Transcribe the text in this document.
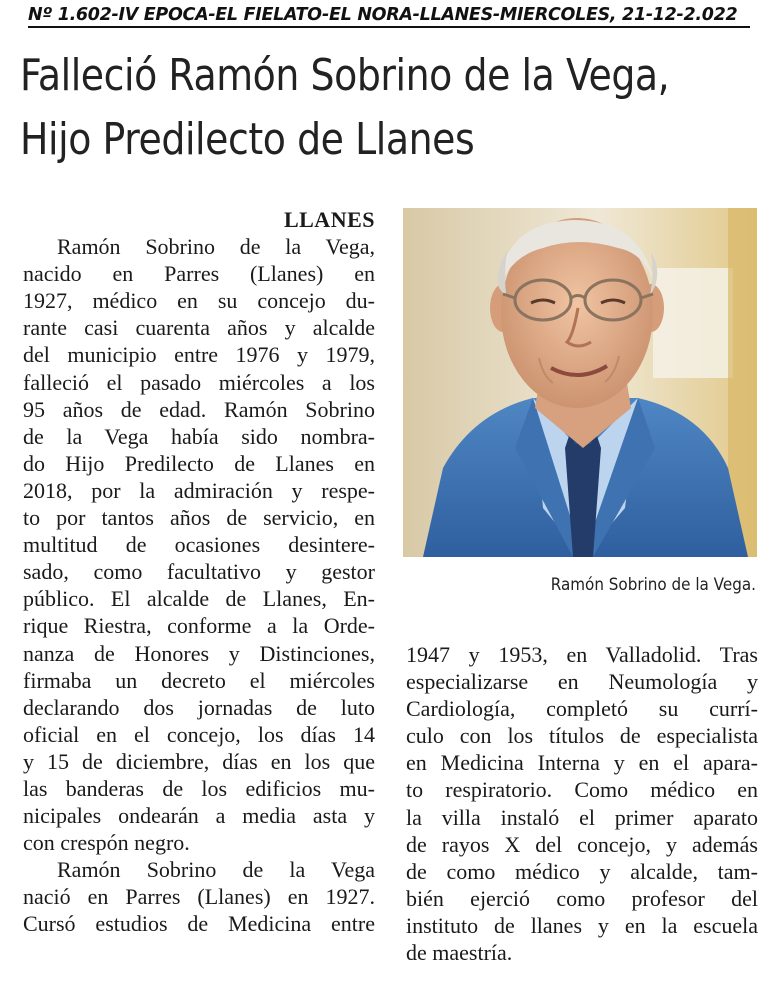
Nº 1.602-IV EPOCA-EL FIELATO-EL NORA-LLANES-MIERCOLES, 21-12-2.022
Falleció Ramón Sobrino de la Vega,
Hijo Predilecto de Llanes

LLANES

Ramón Sobrino de la Vega,

nacido en Parres (Llanes) en

1927, médico en su concejo du-

rante casi cuarenta años y alcalde

del municipio entre 1976 y 1979,

falleció el pasado miércoles a los

95 años de edad. Ramón Sobrino

de la Vega había sido nombra-

do Hijo Predilecto de Llanes en

2018, por la admiración y respe-

to por tantos años de servicio, en

multitud de ocasiones desintere-

sado, como facultativo y gestor

público. El alcalde de Llanes, En-

rique Riestra, conforme a la Orde-

nanza de Honores y Distinciones,

firmaba un decreto el miércoles

declarando dos jornadas de luto

oficial en el concejo, los días 14

y 15 de diciembre, días en los que

las banderas de los edificios mu-

nicipales ondearán a media asta y

con crespón negro.

Ramón Sobrino de la Vega

nació en Parres (Llanes) en 1927.

Cursó estudios de Medicina entre

Ramón Sobrino de la Vega.

1947 y 1953, en Valladolid. Tras

especializarse en Neumología y

Cardiología, completó su currí-

culo con los títulos de especialista

en Medicina Interna y en el apara-

to respiratorio. Como médico en

la villa instaló el primer aparato

de rayos X del concejo, y además

de como médico y alcalde, tam-

bién ejerció como profesor del

instituto de llanes y en la escuela

de maestría.
